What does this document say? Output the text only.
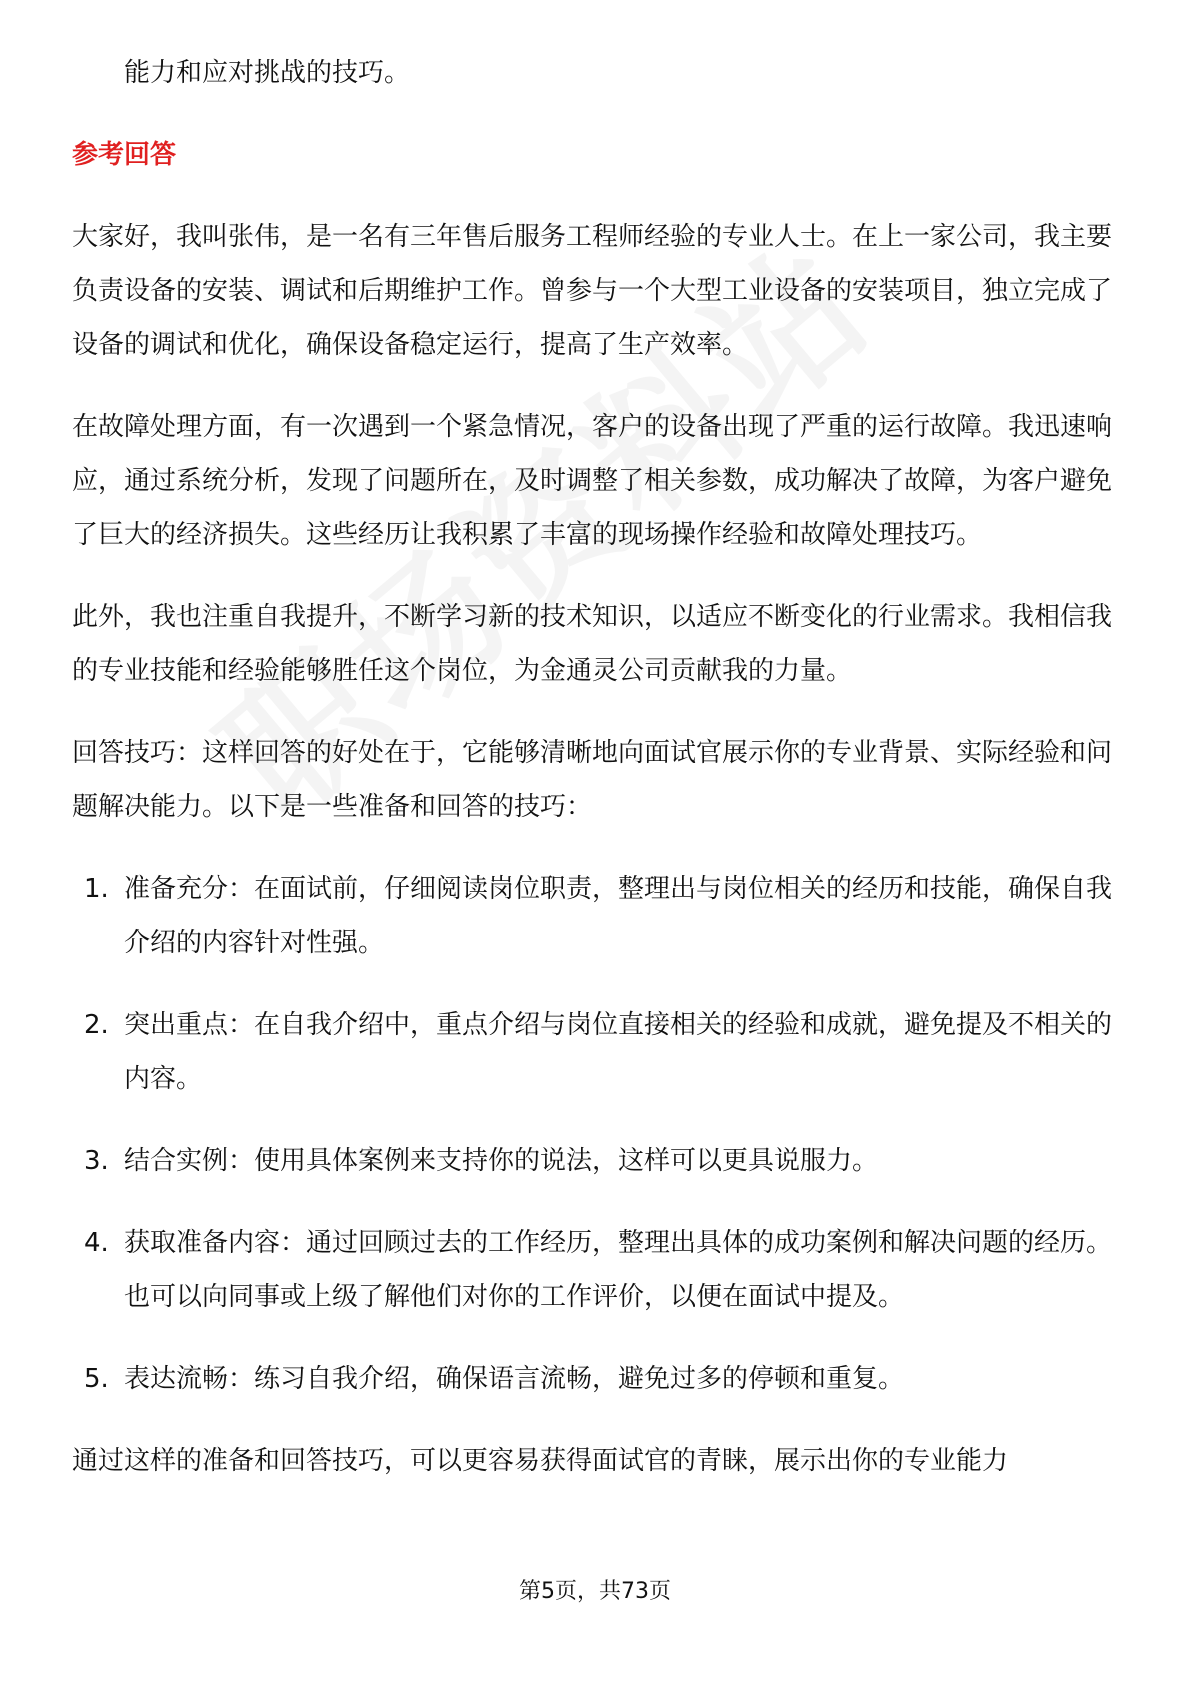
能力和应对挑战的技巧。

参考回答

大家好，我叫张伟，是一名有三年售后服务工程师经验的专业人士。在上一家公司，我主要负责设备的安装、调试和后期维护工作。曾参与一个大型工业设备的安装项目，独立完成了设备的调试和优化，确保设备稳定运行，提高了生产效率。

在故障处理方面，有一次遇到一个紧急情况，客户的设备出现了严重的运行故障。我迅速响应，通过系统分析，发现了问题所在，及时调整了相关参数，成功解决了故障，为客户避免了巨大的经济损失。这些经历让我积累了丰富的现场操作经验和故障处理技巧。

此外，我也注重自我提升，不断学习新的技术知识，以适应不断变化的行业需求。我相信我的专业技能和经验能够胜任这个岗位，为金通灵公司贡献我的力量。

回答技巧：这样回答的好处在于，它能够清晰地向面试官展示你的专业背景、实际经验和问题解决能力。以下是一些准备和回答的技巧：

1. 准备充分：在面试前，仔细阅读岗位职责，整理出与岗位相关的经历和技能，确保自我介绍的内容针对性强。
2. 突出重点：在自我介绍中，重点介绍与岗位直接相关的经验和成就，避免提及不相关的内容。
3. 结合实例：使用具体案例来支持你的说法，这样可以更具说服力。
4. 获取准备内容：通过回顾过去的工作经历，整理出具体的成功案例和解决问题的经历。也可以向同事或上级了解他们对你的工作评价，以便在面试中提及。
5. 表达流畅：练习自我介绍，确保语言流畅，避免过多的停顿和重复。

通过这样的准备和回答技巧，可以更容易获得面试官的青睐，展示出你的专业能力

第5页，共73页
